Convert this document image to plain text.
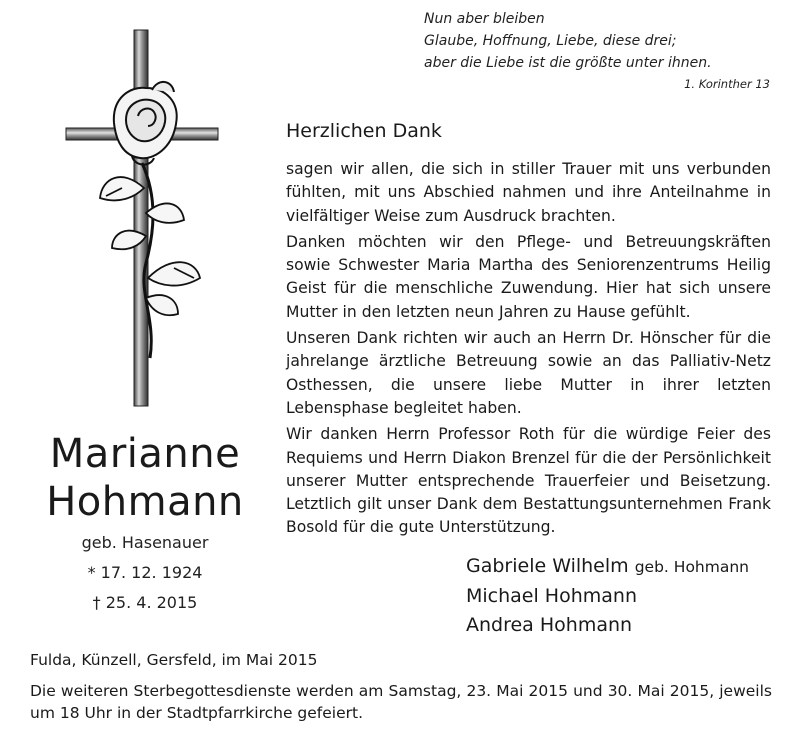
Nun aber bleiben
Glaube, Hoffnung, Liebe, diese drei;
aber die Liebe ist die größte unter ihnen.
1. Korinther 13
Marianne
Hohmann
geb. Hasenauer
* 17. 12. 1924
† 25. 4. 2015
Herzlichen Dank

sagen wir allen, die sich in stiller Trauer mit uns verbunden fühlten, mit uns Abschied nahmen und ihre Anteilnahme in vielfältiger Weise zum Ausdruck brachten.

Danken möchten wir den Pflege- und Betreuungskräften sowie Schwester Maria Martha des Seniorenzentrums Heilig Geist für die menschliche Zuwendung. Hier hat sich unsere Mutter in den letzten neun Jahren zu Hause gefühlt.

Unseren Dank richten wir auch an Herrn Dr. Hönscher für die jahrelange ärztliche Betreuung sowie an das Palliativ-Netz Osthessen, die unsere liebe Mutter in ihrer letzten Lebensphase begleitet haben.

Wir danken Herrn Professor Roth für die würdige Feier des Requiems und Herrn Diakon Brenzel für die der Persönlichkeit unserer Mutter entsprechende Trauerfeier und Beisetzung. Letztlich gilt unser Dank dem Bestattungsunternehmen Frank Bosold für die gute Unterstützung.

Gabriele Wilhelm geb. Hohmann
Michael Hohmann
Andrea Hohmann
Fulda, Künzell, Gersfeld, im Mai 2015
Die weiteren Sterbegottesdienste werden am Samstag, 23. Mai 2015 und 30. Mai 2015, jeweils um 18 Uhr in der Stadtpfarrkirche gefeiert.
